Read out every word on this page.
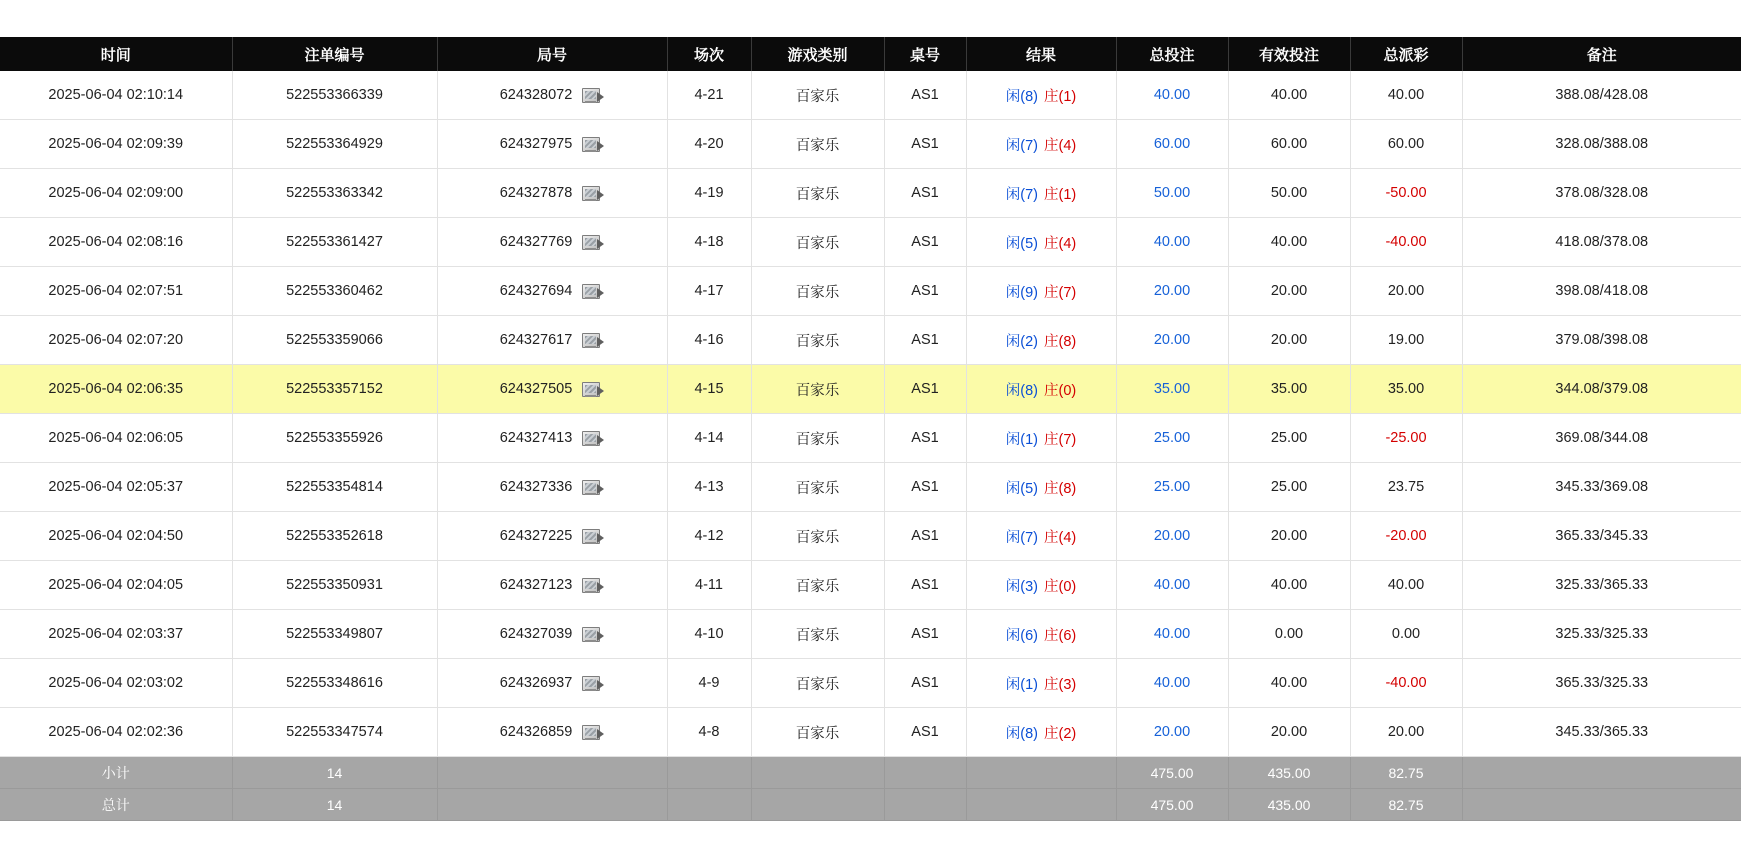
时间	注单编号	局号	场次	游戏类别	桌号	结果	总投注	有效投注	总派彩	备注
2025-06-04 02:10:14	522553366339	624328072	4-21	百家乐	AS1	闲(8) 庄(1)	40.00	40.00	40.00	388.08/428.08
2025-06-04 02:09:39	522553364929	624327975	4-20	百家乐	AS1	闲(7) 庄(4)	60.00	60.00	60.00	328.08/388.08
2025-06-04 02:09:00	522553363342	624327878	4-19	百家乐	AS1	闲(7) 庄(1)	50.00	50.00	-50.00	378.08/328.08
2025-06-04 02:08:16	522553361427	624327769	4-18	百家乐	AS1	闲(5) 庄(4)	40.00	40.00	-40.00	418.08/378.08
2025-06-04 02:07:51	522553360462	624327694	4-17	百家乐	AS1	闲(9) 庄(7)	20.00	20.00	20.00	398.08/418.08
2025-06-04 02:07:20	522553359066	624327617	4-16	百家乐	AS1	闲(2) 庄(8)	20.00	20.00	19.00	379.08/398.08
2025-06-04 02:06:35	522553357152	624327505	4-15	百家乐	AS1	闲(8) 庄(0)	35.00	35.00	35.00	344.08/379.08
2025-06-04 02:06:05	522553355926	624327413	4-14	百家乐	AS1	闲(1) 庄(7)	25.00	25.00	-25.00	369.08/344.08
2025-06-04 02:05:37	522553354814	624327336	4-13	百家乐	AS1	闲(5) 庄(8)	25.00	25.00	23.75	345.33/369.08
2025-06-04 02:04:50	522553352618	624327225	4-12	百家乐	AS1	闲(7) 庄(4)	20.00	20.00	-20.00	365.33/345.33
2025-06-04 02:04:05	522553350931	624327123	4-11	百家乐	AS1	闲(3) 庄(0)	40.00	40.00	40.00	325.33/365.33
2025-06-04 02:03:37	522553349807	624327039	4-10	百家乐	AS1	闲(6) 庄(6)	40.00	0.00	0.00	325.33/325.33
2025-06-04 02:03:02	522553348616	624326937	4-9	百家乐	AS1	闲(1) 庄(3)	40.00	40.00	-40.00	365.33/325.33
2025-06-04 02:02:36	522553347574	624326859	4-8	百家乐	AS1	闲(8) 庄(2)	20.00	20.00	20.00	345.33/365.33
小计	14						475.00	435.00	82.75	
总计	14						475.00	435.00	82.75	
